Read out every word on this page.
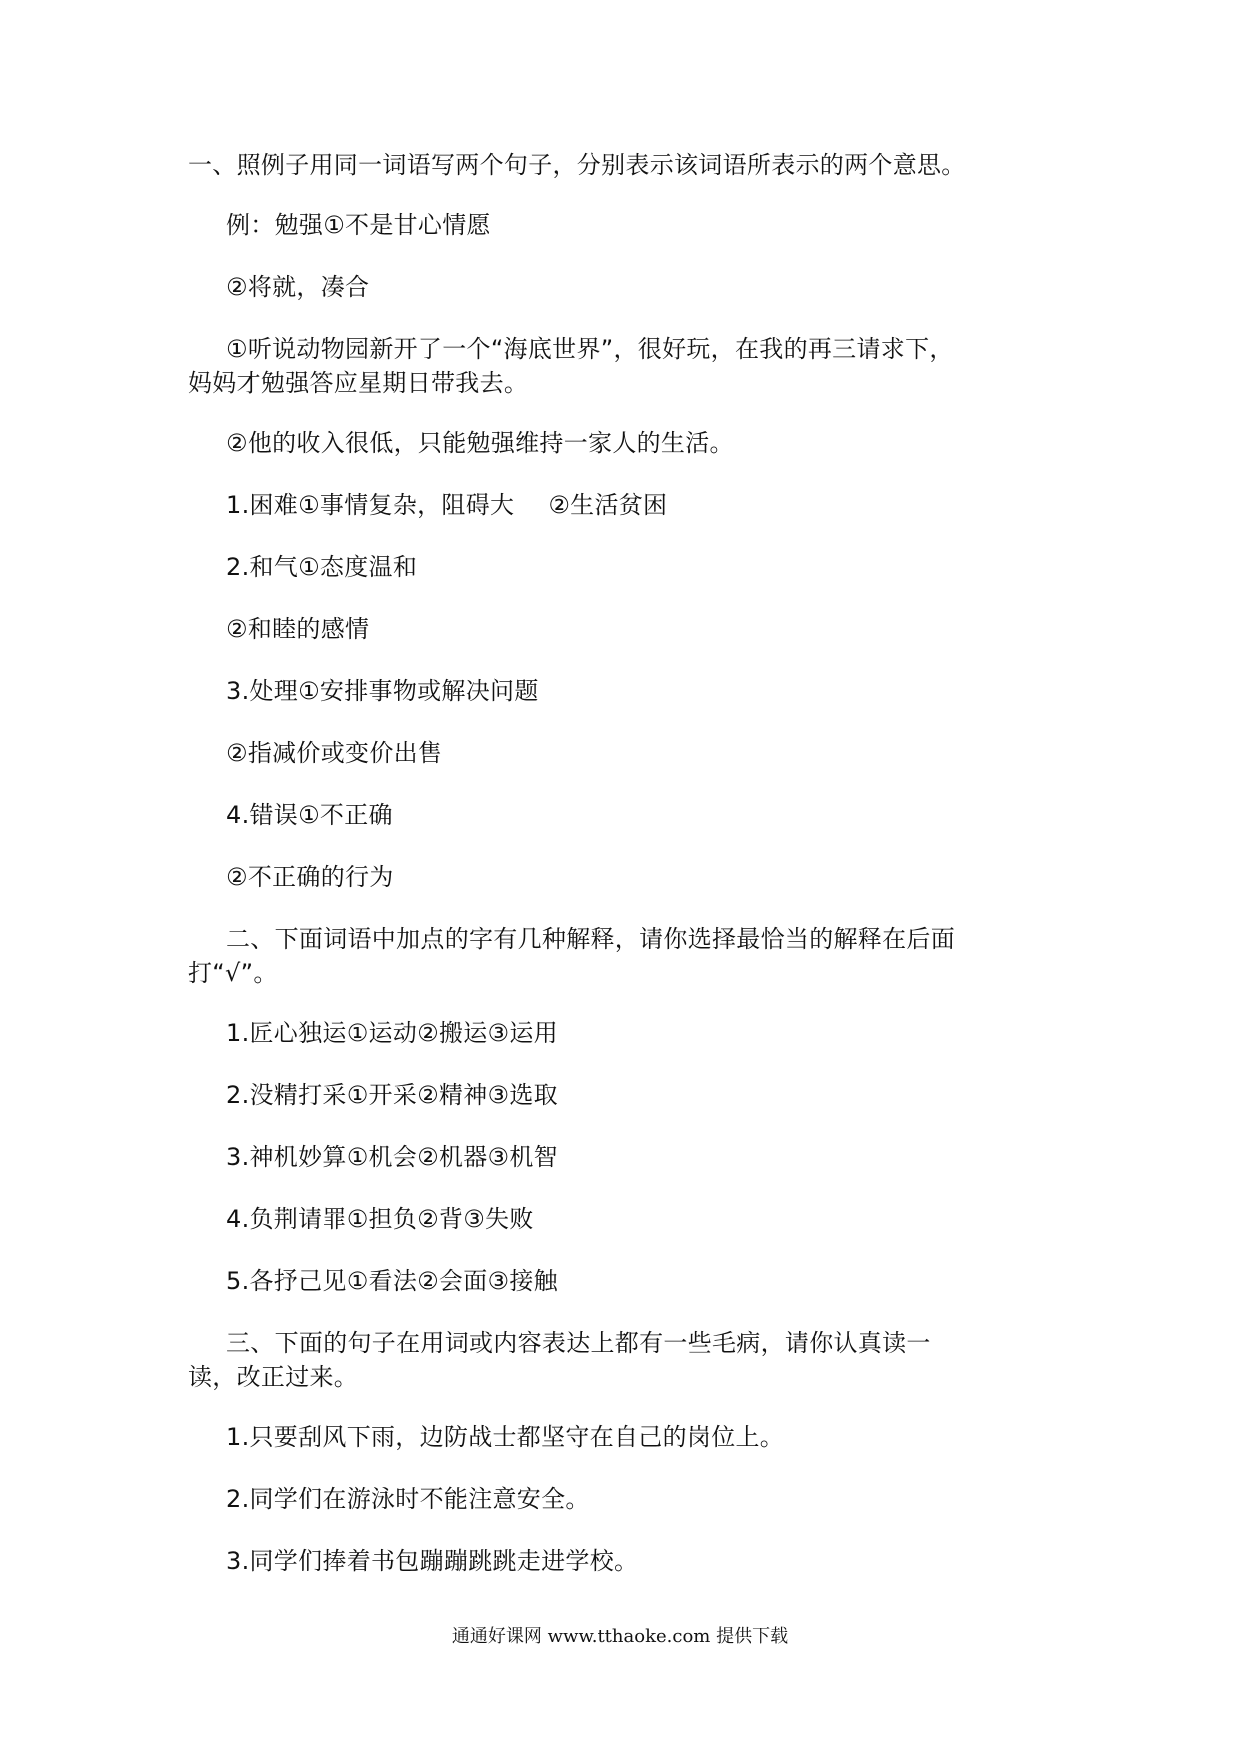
一、照例子用同一词语写两个句子，分别表示该词语所表示的两个意思。

例：勉强①不是甘心情愿

②将就，凑合

①听说动物园新开了一个“海底世界”，很好玩，在我的再三请求下，妈妈才勉强答应星期日带我去。

②他的收入很低，只能勉强维持一家人的生活。

1.困难①事情复杂，阻碍大 ②生活贫困

2.和气①态度温和

②和睦的感情

3.处理①安排事物或解决问题

②指减价或变价出售

4.错误①不正确

②不正确的行为

二、下面词语中加点的字有几种解释，请你选择最恰当的解释在后面打“√”。

1.匠心独运①运动②搬运③运用

2.没精打采①开采②精神③选取

3.神机妙算①机会②机器③机智

4.负荆请罪①担负②背③失败

5.各抒己见①看法②会面③接触

三、下面的句子在用词或内容表达上都有一些毛病，请你认真读一读，改正过来。

1.只要刮风下雨，边防战士都坚守在自己的岗位上。

2.同学们在游泳时不能注意安全。

3.同学们捧着书包蹦蹦跳跳走进学校。

通通好课网 www.tthaoke.com 提供下载
